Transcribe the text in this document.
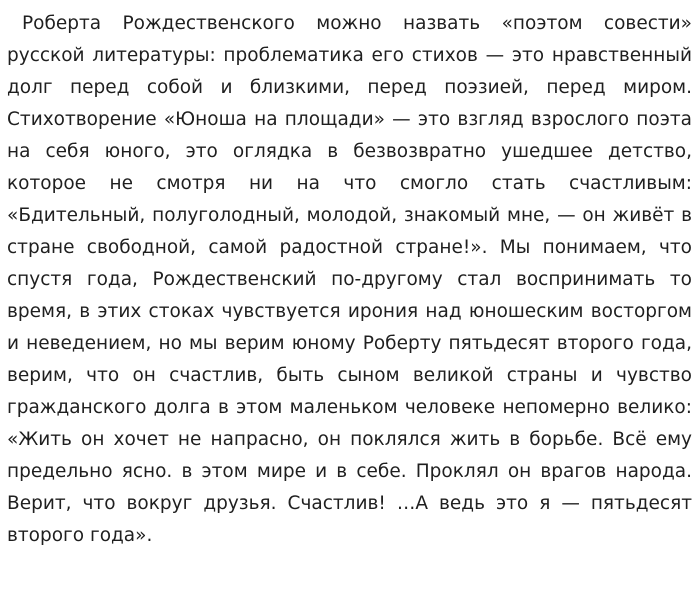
Роберта Рождественского можно назвать «поэтом совести» русской литературы: проблематика его стихов — это нравственный долг перед собой и близкими, перед поэзией, перед миром. Стихотворение «Юноша на площади» — это взгляд взрослого поэта на себя юного, это оглядка в безвозвратно ушедшее детство, которое не смотря ни на что смогло стать счастливым: «Бдительный, полуголодный, молодой, знакомый мне, — он живёт в стране свободной, самой радостной стране!». Мы понимаем, что спустя года, Рождественский по-другому стал воспринимать то время, в этих стоках чувствуется ирония над юношеским восторгом и неведением, но мы верим юному Роберту пятьдесят второго года, верим, что он счастлив, быть сыном великой страны и чувство гражданского долга в этом маленьком человеке непомерно велико: «Жить он хочет не напрасно, он поклялся жить в борьбе. Всё ему предельно ясно. в этом мире и в себе. Проклял он врагов народа. Верит, что вокруг друзья. Счастлив! …А ведь это я — пятьдесят второго года».
